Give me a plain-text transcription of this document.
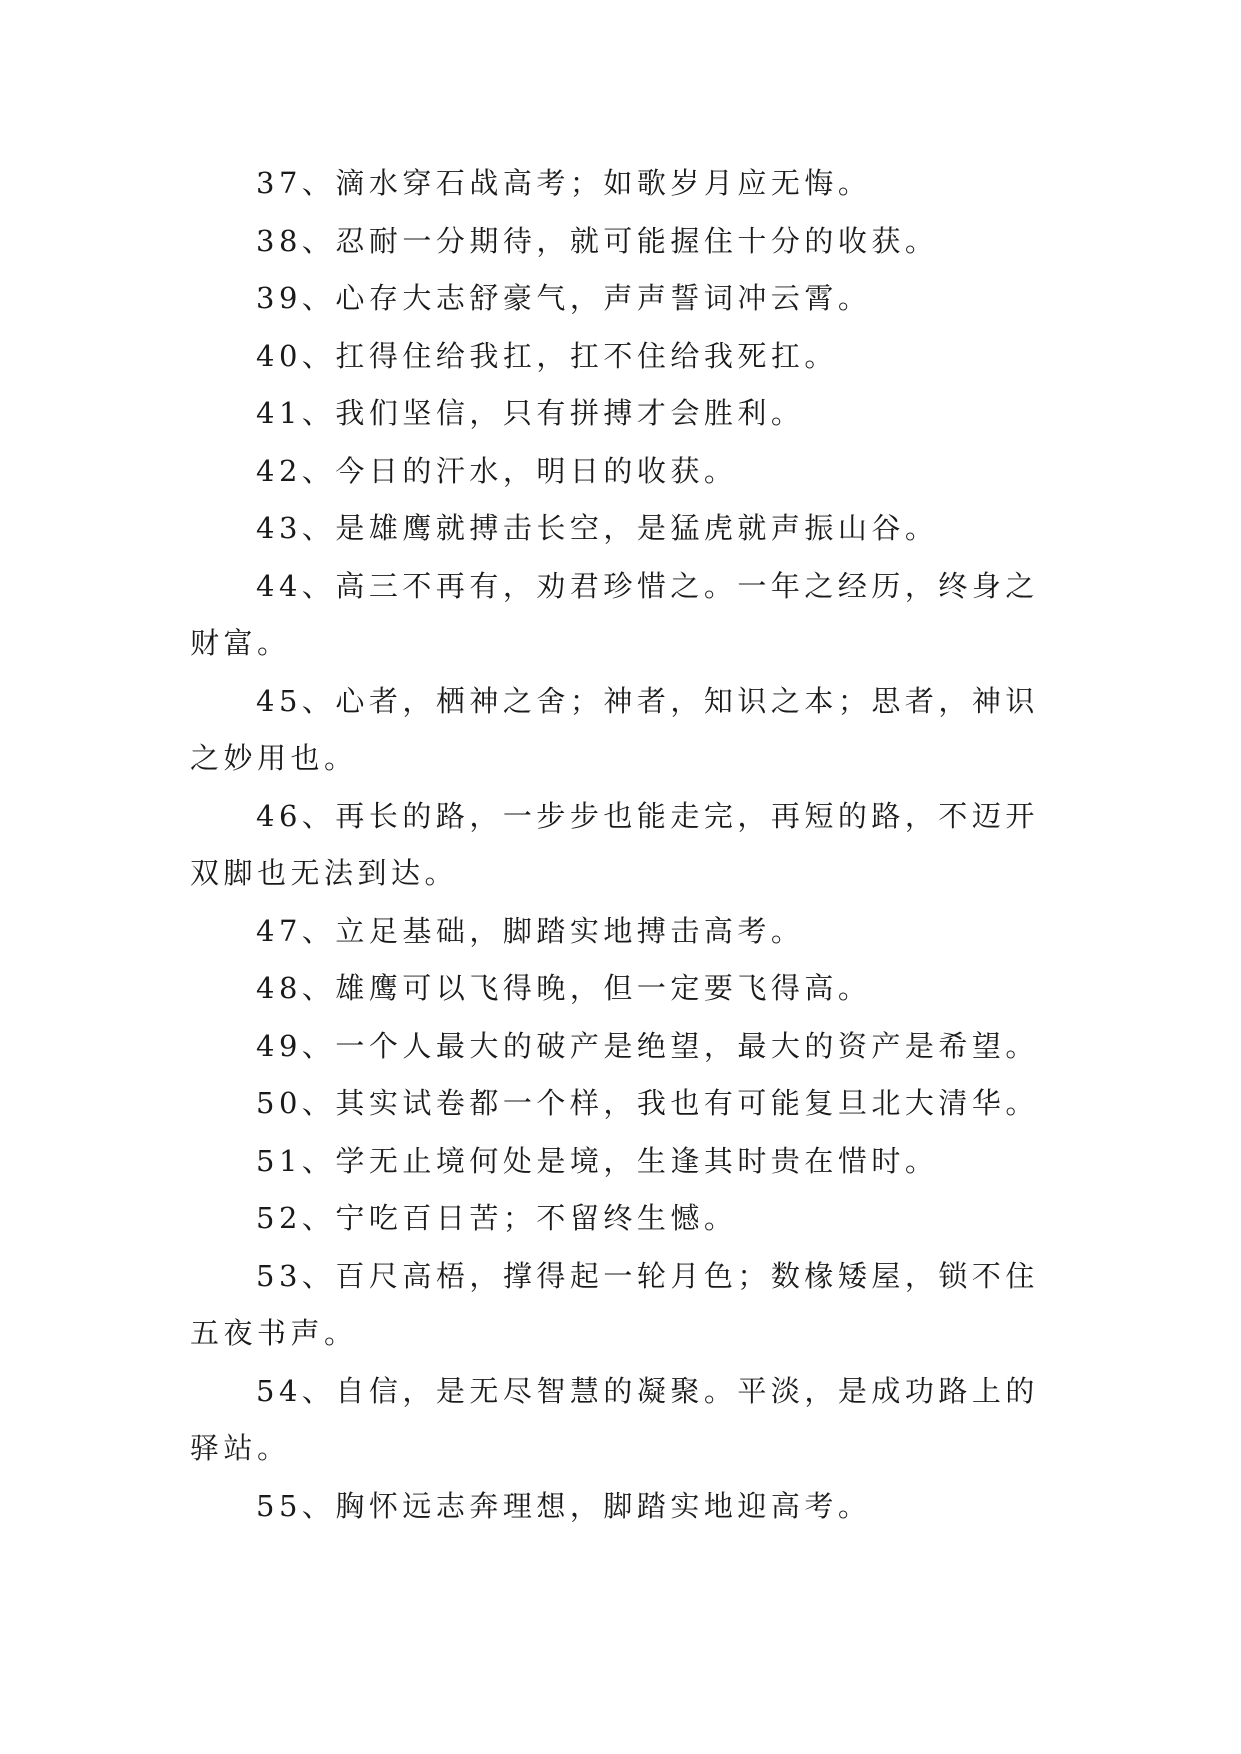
37、滴水穿石战高考；如歌岁月应无悔。

38、忍耐一分期待，就可能握住十分的收获。

39、心存大志舒豪气，声声誓词冲云霄。

40、扛得住给我扛，扛不住给我死扛。

41、我们坚信，只有拼搏才会胜利。

42、今日的汗水，明日的收获。

43、是雄鹰就搏击长空，是猛虎就声振山谷。

44、高三不再有，劝君珍惜之。一年之经历，终身之财富。

45、心者，栖神之舍；神者，知识之本；思者，神识之妙用也。

46、再长的路，一步步也能走完，再短的路，不迈开双脚也无法到达。

47、立足基础，脚踏实地搏击高考。

48、雄鹰可以飞得晚，但一定要飞得高。

49、一个人最大的破产是绝望，最大的资产是希望。

50、其实试卷都一个样，我也有可能复旦北大清华。

51、学无止境何处是境，生逢其时贵在惜时。

52、宁吃百日苦；不留终生憾。

53、百尺高梧，撑得起一轮月色；数椽矮屋，锁不住五夜书声。

54、自信，是无尽智慧的凝聚。平淡，是成功路上的驿站。

55、胸怀远志奔理想，脚踏实地迎高考。
